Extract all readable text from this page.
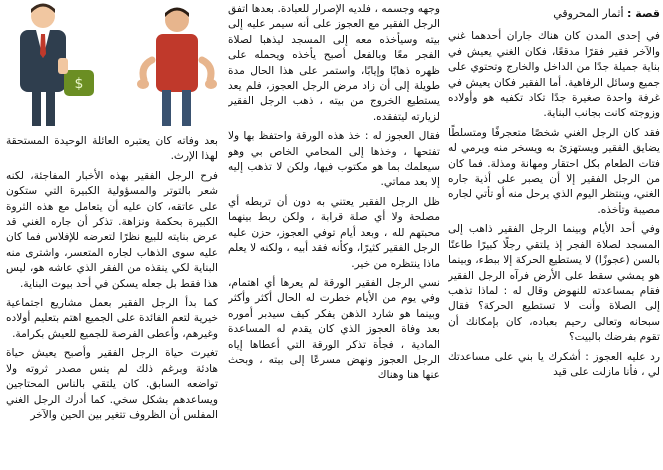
قصة : أثمار المحروقي

في إحدى المدن كان هناك جاران أحدهما غني والآخر فقير فقرًا مدقعًا، فكان الغني يعيش في بناية جميلة جدًا من الداخل والخارج وتحتوي على جميع وسائل الرفاهية. أما الفقير فكان يعيش في غرفة واحدة صغيرة جدًا تكاد تكفيه هو وأولاده وزوجته كانت بجانب البناية.

فقد كان الرجل الغني شخصًا متعجرفًا ومتسلطًا يضايق الفقير ويستهزئ به ويسخر منه ويرمي له فتات الطعام بكل احتقار ومهانة ومذلة. فما كان من الرجل الفقير إلا أن يصبر على أذية جاره الغني، وينتظر اليوم الذي يرحل منه أو تأتي لجاره مصيبة وتأخذه.

وفي أحد الأيام وبينما الرجل الفقير ذاهب إلى المسجد لصلاة الفجر إذ يلتقي رجلًا كبيرًا طاعنًا بالسن (عجوزًا) لا يستطيع الحركة إلا ببطء، وبينما هو يمشي سقط على الأرض فرآه الرجل الفقير فقام بمساعدته للنهوض وقال له : لماذا تذهب إلى الصلاة وأنت لا تستطيع الحركة؟ فقال سبحانه وتعالى رحيم بعباده، كان بإمكانك أن تقوم بفرضك بالبيت؟

رد عليه العجوز : أشكرك يا بني على مساعدتك لي ، فأنا مازلت على قيد

وجهه وجسمه ، فلديه الإصرار للعبادة. بعدها اتفق الرجل الفقير مع العجوز على أنه سيمر عليه إلى بيته وسيأخذه معه إلى المسجد ليذهبا لصلاة الفجر معًا وبالفعل أصبح يأخذه ويحمله على ظهره ذهابًا وإيابًا، واستمر على هذا الحال مدة طويلة إلى أن زاد مرض الرجل العجوز، فلم يعد يستطيع الخروج من بيته ، ذهب الرجل الفقير لزيارته ليتفقده.

فقال العجوز له : خذ هذه الورقة واحتفظ بها ولا تفتحها ، وخذها إلى المحامي الخاص بي وهو سيعلمك بما هو مكتوب فيها، ولكن لا تذهب إليه إلا بعد مماتي.

ظل الرجل الفقير يعتني به دون أن تربطه أي مصلحة ولا أي صلة قرابة ، ولكن ربط بينهما محبتهم لله ، وبعد أيام توفي العجوز، حزن عليه الرجل الفقير كثيرًا، وكأنه فقد أبيه ، ولكنه لا يعلم ماذا ينتظره من خير.

نسي الرجل الفقير الورقة لم يعرها أي اهتمام، وفي يوم من الأيام خطرت له الحال أكثر وأكثر وبينما هو شارد الذهن يفكر كيف سيدبر أموره بعد وفاة العجوز الذي كان يقدم له المساعدة المادية ، فجأة تذكر الورقة التي أعطاها إياه الرجل العجوز ونهض مسرعًا إلى بيته ، وبحث عنها هنا وهناك

$

بعد وفاته كان يعتبره العائلة الوحيدة المستحقة لهذا الإرث.

فرح الرجل الفقير بهذه الأخبار المفاجئة، لكنه شعر بالتوتر والمسؤولية الكبيرة التي ستكون على عاتقه، كان عليه أن يتعامل مع هذه الثروة الكبيرة بحكمة ونزاهة. تذكر أن جاره الغني قد عرض بنايته للبيع نظرًا لتعرضه للإفلاس فما كان عليه سوى الذهاب لجاره المتعسر، واشترى منه البناية لكي ينقذه من الفقر الذي عاشه هو، ليس هذا فقط بل جعله يسكن في أحد بيوت البناية.

كما بدأ الرجل الفقير بعمل مشاريع اجتماعية خيرية لتعم الفائدة على الجميع اهتم بتعليم أولاده وغيرهم، وأعطى الفرصة للجميع للعيش بكرامة.

تغيرت حياة الرجل الفقير وأصبح يعيش حياة هادئة وبرغم ذلك لم ينس مصدر ثروته ولا تواضعه السابق. كان يلتقي بالناس المحتاجين ويساعدهم بشكل سخي. كما أدرك الرجل الغني المفلس أن الظروف تتغير بين الحين والآخر
